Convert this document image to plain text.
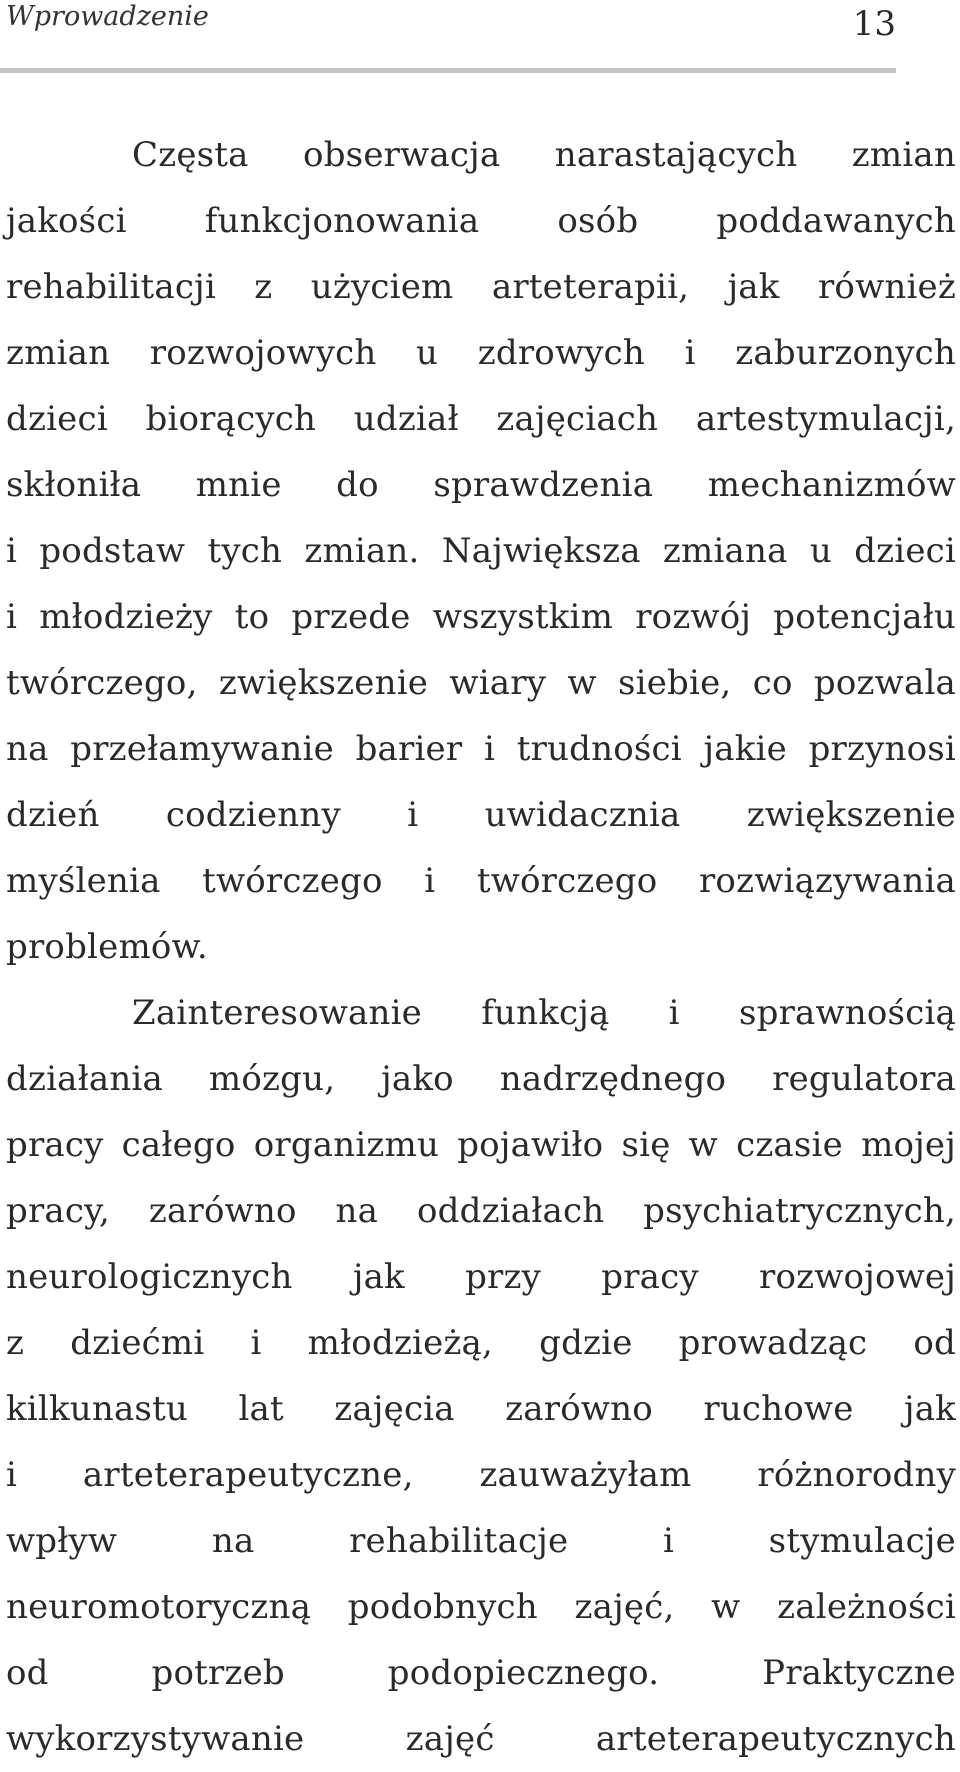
Wprowadzenie	13
Częsta obserwacja narastających zmian
jakości funkcjonowania osób poddawanych
rehabilitacji z użyciem arteterapii, jak również
zmian rozwojowych u zdrowych i zaburzonych
dzieci biorących udział zajęciach artestymulacji,
skłoniła mnie do sprawdzenia mechanizmów
i podstaw tych zmian. Największa zmiana u dzieci
i młodzieży to przede wszystkim rozwój potencjału
twórczego, zwiększenie wiary w siebie, co pozwala
na przełamywanie barier i trudności jakie przynosi
dzień codzienny i uwidacznia zwiększenie
myślenia twórczego i twórczego rozwiązywania
problemów.
Zainteresowanie funkcją i sprawnością
działania mózgu, jako nadrzędnego regulatora
pracy całego organizmu pojawiło się w czasie mojej
pracy, zarówno na oddziałach psychiatrycznych,
neurologicznych jak przy pracy rozwojowej
z dziećmi i młodzieżą, gdzie prowadząc od
kilkunastu lat zajęcia zarówno ruchowe jak
i arteterapeutyczne, zauważyłam różnorodny
wpływ na rehabilitacje i stymulacje
neuromotoryczną podobnych zajęć, w zależności
od potrzeb podopiecznego. Praktyczne
wykorzystywanie zajęć arteterapeutycznych
